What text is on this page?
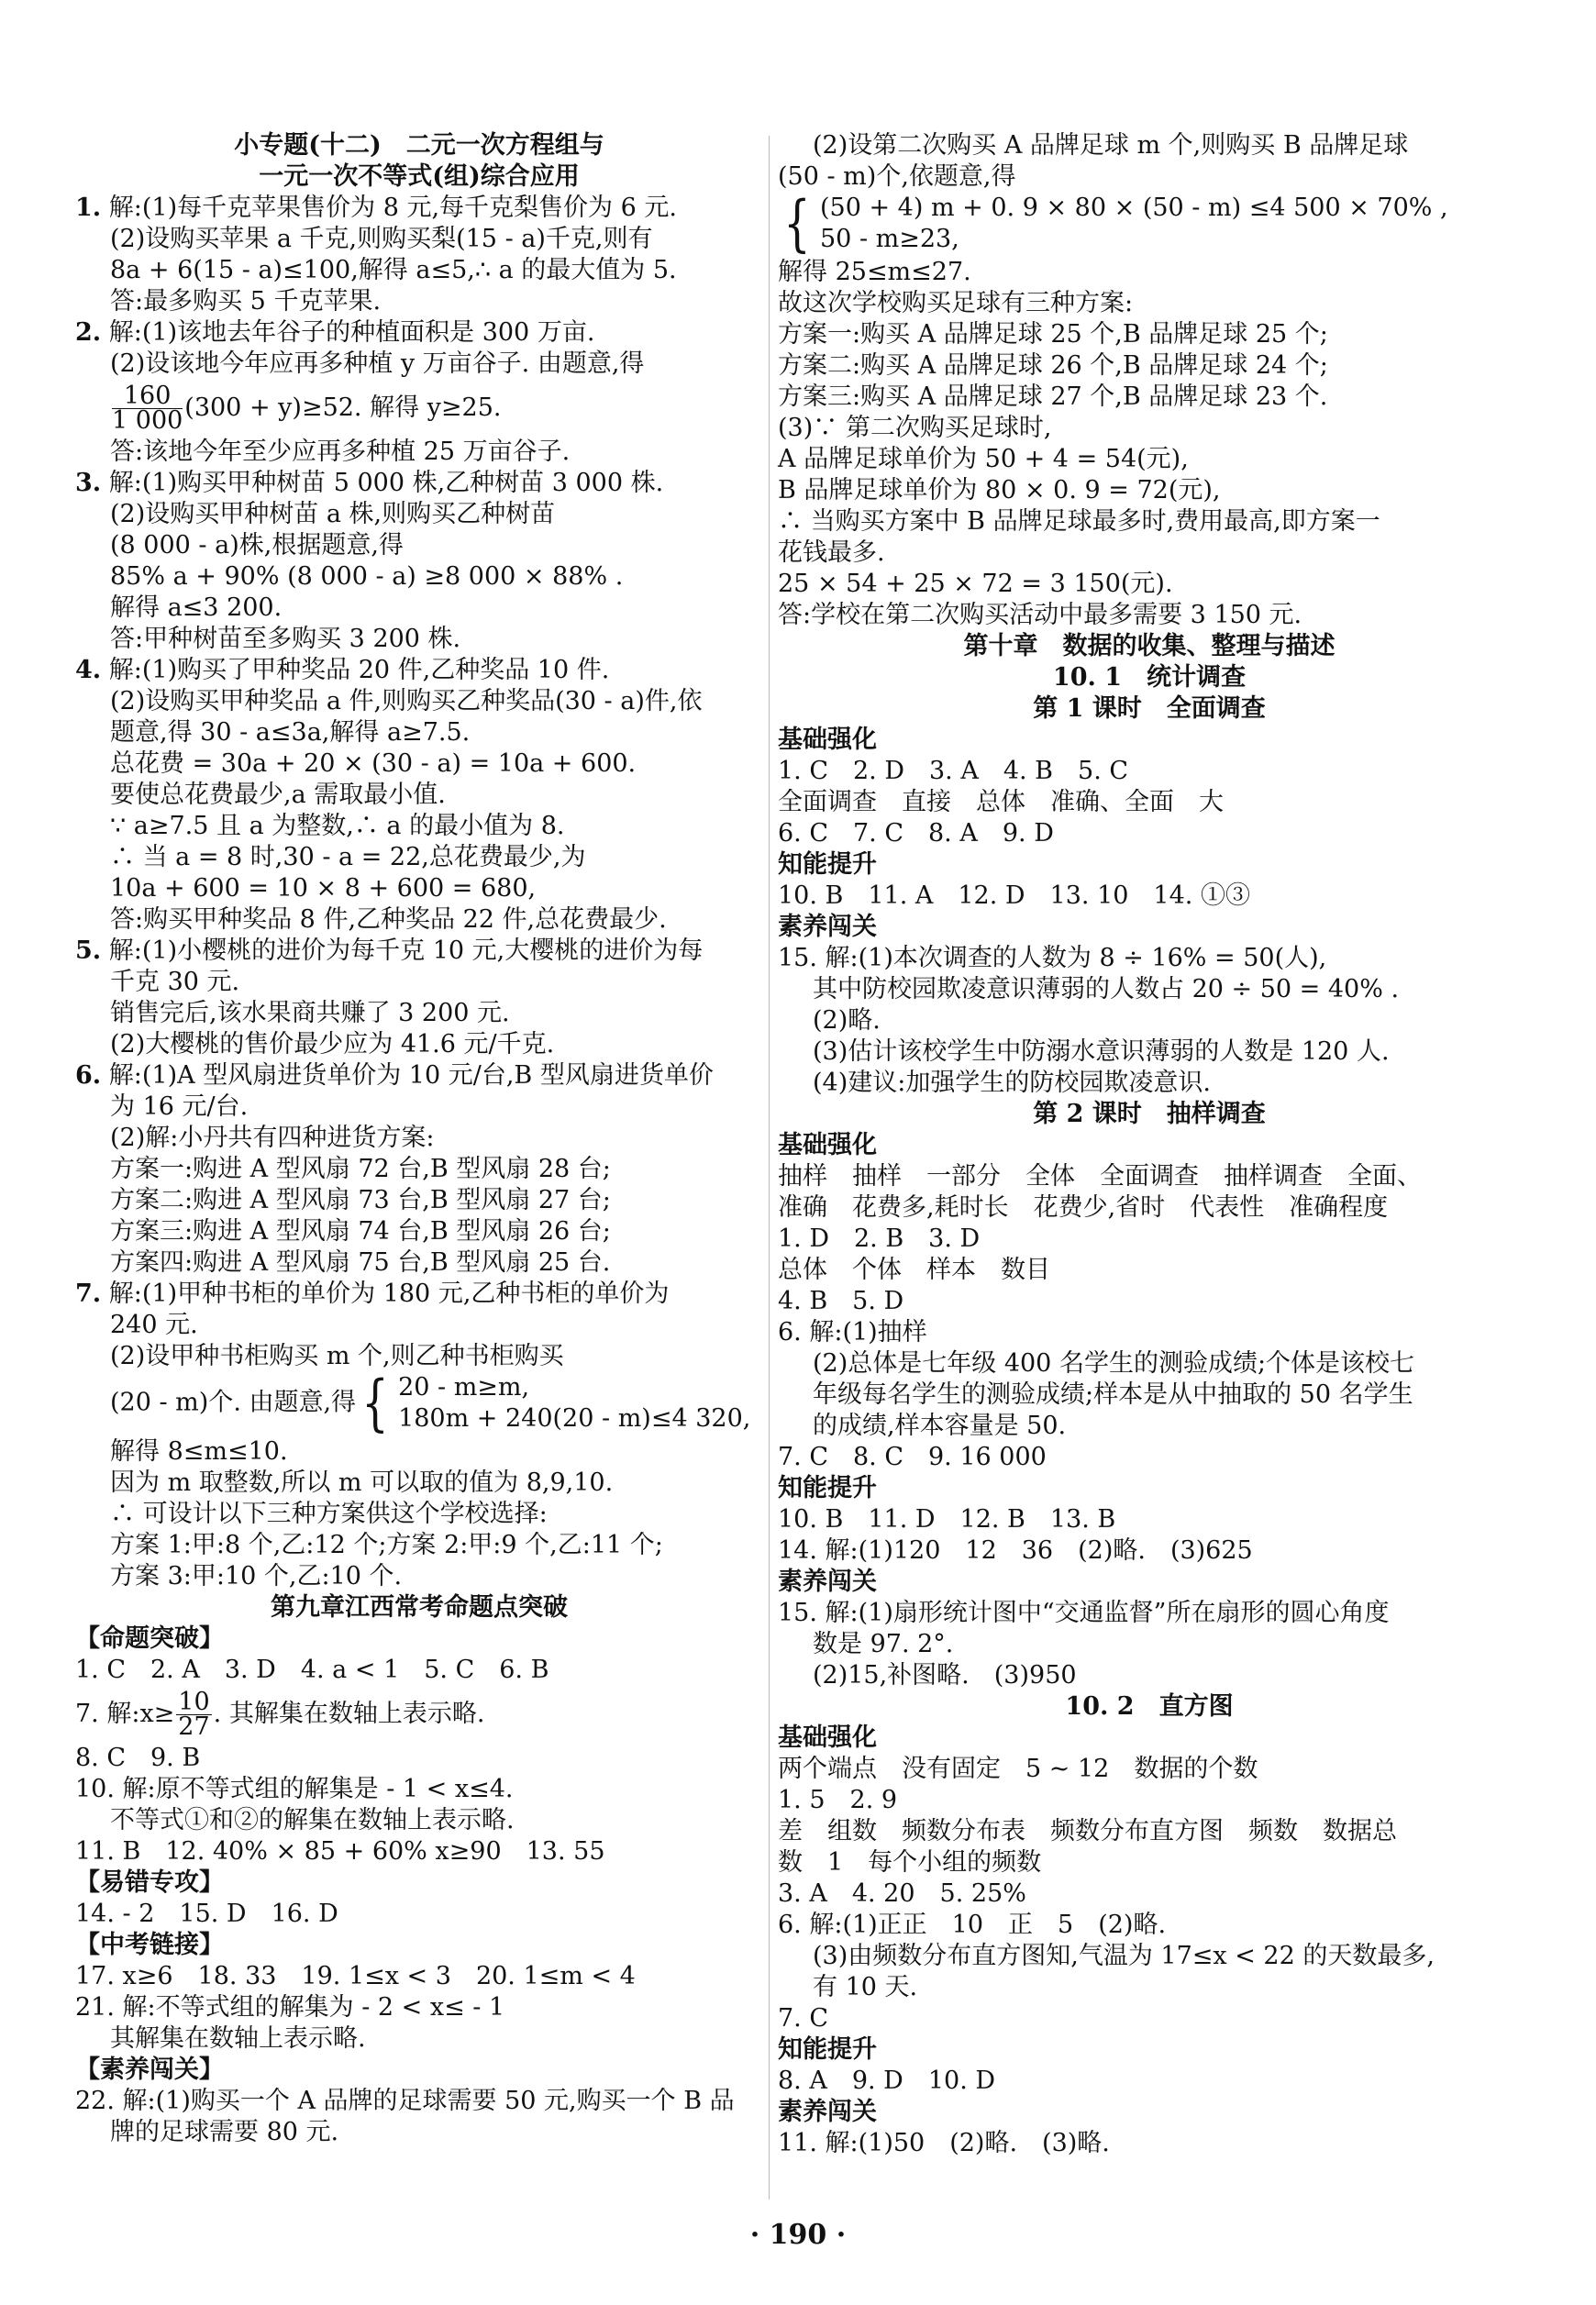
小专题(十二)　二元一次方程组与
一元一次不等式(组)综合应用
1. 解:(1)每千克苹果售价为 8 元,每千克梨售价为 6 元.
(2)设购买苹果 a 千克,则购买梨(15 - a)千克,则有
8a + 6(15 - a)≤100,解得 a≤5,∴ a 的最大值为 5.
答:最多购买 5 千克苹果.
2. 解:(1)该地去年谷子的种植面积是 300 万亩.
(2)设该地今年应再多种植 y 万亩谷子. 由题意,得
$\frac{160}{1 000} (300 + y)\ge 52$. 解得 y≥25.
答:该地今年至少应再多种植 25 万亩谷子.
3. 解:(1)购买甲种树苗 5 000 株,乙种树苗 3 000 株.
(2)设购买甲种树苗 a 株,则购买乙种树苗
(8 000 - a)株,根据题意,得
85% a + 90% (8 000 - a) ≥8 000 × 88% .
解得 a≤3 200.
答:甲种树苗至多购买 3 200 株.
4. 解:(1)购买了甲种奖品 20 件,乙种奖品 10 件.
(2)设购买甲种奖品 a 件,则购买乙种奖品(30 - a)件,依
题意,得 30 - a≤3a,解得 a≥7.5.
总花费 = 30a + 20 × (30 - a) = 10a + 600.
要使总花费最少,a 需取最小值.
∵ a≥7.5 且 a 为整数,∴ a 的最小值为 8.
∴ 当 a = 8 时,30 - a = 22,总花费最少,为
10a + 600 = 10 × 8 + 600 = 680,
答:购买甲种奖品 8 件,乙种奖品 22 件,总花费最少.
5. 解:(1)小樱桃的进价为每千克 10 元,大樱桃的进价为每
千克 30 元.
销售完后,该水果商共赚了 3 200 元.
(2)大樱桃的售价最少应为 41.6 元/千克.
6. 解:(1)A 型风扇进货单价为 10 元/台,B 型风扇进货单价
为 16 元/台.
(2)解:小丹共有四种进货方案:
方案一:购进 A 型风扇 72 台,B 型风扇 28 台;
方案二:购进 A 型风扇 73 台,B 型风扇 27 台;
方案三:购进 A 型风扇 74 台,B 型风扇 26 台;
方案四:购进 A 型风扇 75 台,B 型风扇 25 台.
7. 解:(1)甲种书柜的单价为 180 元,乙种书柜的单价为
240 元.
(2)设甲种书柜购买 m 个,则乙种书柜购买
(20 - m)个. 由题意,得 { 20 - m≥m,
180m + 240(20 - m)≤4 320,
解得 8≤m≤10.
因为 m 取整数,所以 m 可以取的值为 8,9,10.
∴ 可设计以下三种方案供这个学校选择:
方案 1:甲:8 个,乙:12 个;方案 2:甲:9 个,乙:11 个;
方案 3:甲:10 个,乙:10 个.
第九章江西常考命题点突破
【命题突破】
1. C　2. A　3. D　4. a < 1　5. C　6. B
7. 解:x≥ $\frac{10}{27}$ . 其解集在数轴上表示略.
8. C　9. B
10. 解:原不等式组的解集是 - 1 < x≤4.
不等式①和②的解集在数轴上表示略.
11. B　12. 40% × 85 + 60% x≥90　13. 55
【易错专攻】
14. - 2　15. D　16. D
【中考链接】
17. x≥6　18. 33　19. 1≤x < 3　20. 1≤m < 4
21. 解:不等式组的解集为 - 2 < x≤ - 1
其解集在数轴上表示略.
【素养闯关】
22. 解:(1)购买一个 A 品牌的足球需要 50 元,购买一个 B 品
牌的足球需要 80 元.
(2)设第二次购买 A 品牌足球 m 个,则购买 B 品牌足球
(50 - m)个,依题意,得
{ (50 + 4) m + 0. 9 × 80 × (50 - m) ≤4 500 × 70% ,
50 - m≥23,
解得 25≤m≤27.
故这次学校购买足球有三种方案:
方案一:购买 A 品牌足球 25 个,B 品牌足球 25 个;
方案二:购买 A 品牌足球 26 个,B 品牌足球 24 个;
方案三:购买 A 品牌足球 27 个,B 品牌足球 23 个.
(3)∵ 第二次购买足球时,
A 品牌足球单价为 50 + 4 = 54(元),
B 品牌足球单价为 80 × 0. 9 = 72(元),
∴ 当购买方案中 B 品牌足球最多时,费用最高,即方案一
花钱最多.
25 × 54 + 25 × 72 = 3 150(元).
答:学校在第二次购买活动中最多需要 3 150 元.
第十章　数据的收集、整理与描述
10. 1　统计调查
第 1 课时　全面调查
基础强化
1. C　2. D　3. A　4. B　5. C
全面调查　直接　总体　准确、全面　大
6. C　7. C　8. A　9. D
知能提升
10. B　11. A　12. D　13. 10　14. ①③
素养闯关
15. 解:(1)本次调查的人数为 8 ÷ 16% = 50(人),
其中防校园欺凌意识薄弱的人数占 20 ÷ 50 = 40% .
(2)略.
(3)估计该校学生中防溺水意识薄弱的人数是 120 人.
(4)建议:加强学生的防校园欺凌意识.
第 2 课时　抽样调查
基础强化
抽样　抽样　一部分　全体　全面调查　抽样调查　全面、
准确　花费多,耗时长　花费少,省时　代表性　准确程度
1. D　2. B　3. D
总体　个体　样本　数目
4. B　5. D
6. 解:(1)抽样
(2)总体是七年级 400 名学生的测验成绩;个体是该校七
年级每名学生的测验成绩;样本是从中抽取的 50 名学生
的成绩,样本容量是 50.
7. C　8. C　9. 16 000
知能提升
10. B　11. D　12. B　13. B
14. 解:(1)120　12　36　(2)略.　(3)625
素养闯关
15. 解:(1)扇形统计图中“交通监督”所在扇形的圆心角度
数是 97. 2°.
(2)15,补图略.　(3)950
10. 2　直方图
基础强化
两个端点　没有固定　5 ~ 12　数据的个数
1. 5　2. 9
差　组数　频数分布表　频数分布直方图　频数　数据总
数　1　每个小组的频数
3. A　4. 20　5. 25%
6. 解:(1)正正　10　正　5　(2)略.
(3)由频数分布直方图知,气温为 17≤x < 22 的天数最多,
有 10 天.
7. C
知能提升
8. A　9. D　10. D
素养闯关
11. 解:(1)50　(2)略.　(3)略.
· 190 ·
